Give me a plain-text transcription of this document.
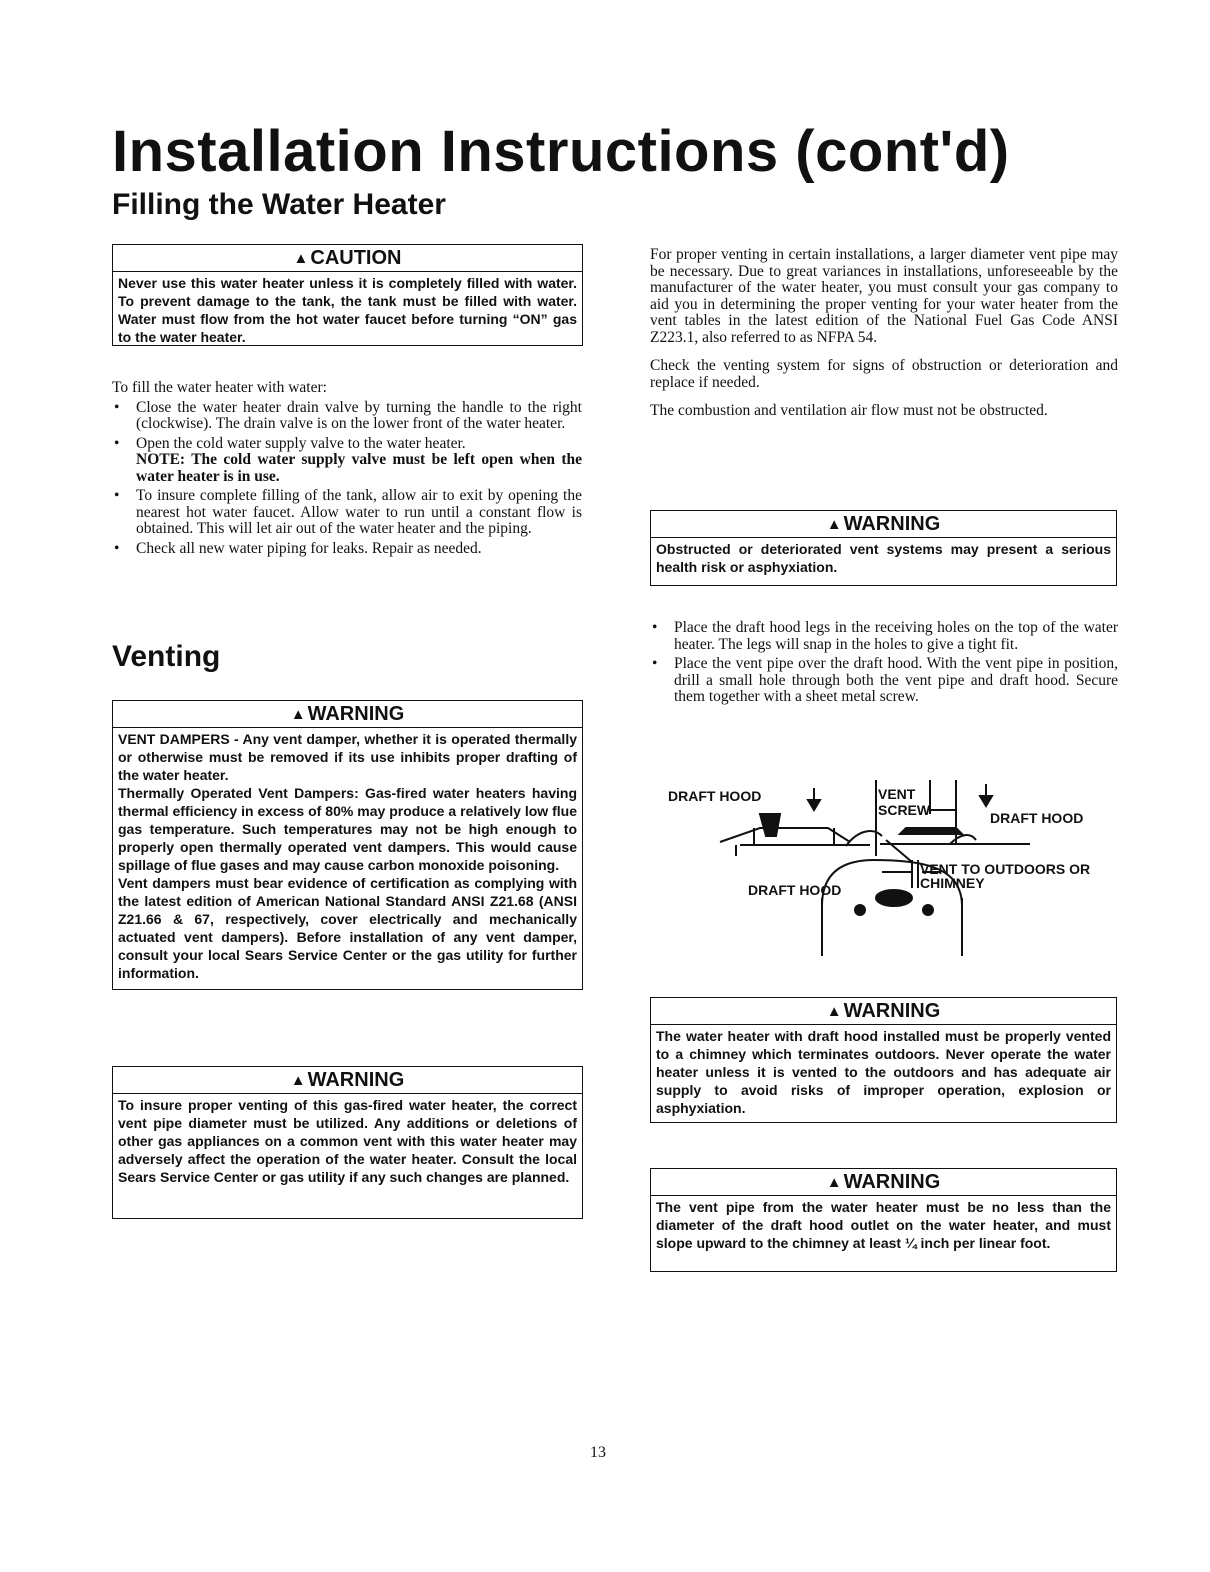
Installation Instructions (cont'd)
Filling the Water Heater
▲ CAUTION

Never use this water heater unless it is completely filled with water. To prevent damage to the tank, the tank must be filled with water. Water must flow from the hot water faucet before turning “ON” gas to the water heater.

To fill the water heater with water:

• Close the water heater drain valve by turning the handle to the right (clockwise). The drain valve is on the lower front of the water heater.
• Open the cold water supply valve to the water heater.
NOTE: The cold water supply valve must be left open when the water heater is in use.
• To insure complete filling of the tank, allow air to exit by opening the nearest hot water faucet. Allow water to run until a constant flow is obtained. This will let air out of the water heater and the piping.
• Check all new water piping for leaks. Repair as needed.
Venting
▲ WARNING

VENT DAMPERS - Any vent damper, whether it is operated thermally or otherwise must be removed if its use inhibits proper drafting of the water heater.

Thermally Operated Vent Dampers: Gas-fired water heaters having thermal efficiency in excess of 80% may produce a relatively low flue gas temperature. Such temperatures may not be high enough to properly open thermally operated vent dampers. This would cause spillage of flue gases and may cause carbon monoxide poisoning.

Vent dampers must bear evidence of certification as complying with the latest edition of American National Standard ANSI Z21.68 (ANSI Z21.66 & 67, respectively, cover electrically and mechanically actuated vent dampers). Before installation of any vent damper, consult your local Sears Service Center or the gas utility for further information.

▲ WARNING

To insure proper venting of this gas-fired water heater, the correct vent pipe diameter must be utilized. Any additions or deletions of other gas appliances on a common vent with this water heater may adversely affect the operation of the water heater. Consult the local Sears Service Center or gas utility if any such changes are planned.

For proper venting in certain installations, a larger diameter vent pipe may be necessary. Due to great variances in installations, unforeseeable by the manufacturer of the water heater, you must consult your gas company to aid you in determining the proper venting for your water heater from the vent tables in the latest edition of the National Fuel Gas Code ANSI Z223.1, also referred to as NFPA 54.

Check the venting system for signs of obstruction or deterioration and replace if needed.

The combustion and ventilation air flow must not be obstructed.

▲ WARNING

Obstructed or deteriorated vent systems may present a serious health risk or asphyxiation.

• Place the draft hood legs in the receiving holes on the top of the water heater. The legs will snap in the holes to give a tight fit.
• Place the vent pipe over the draft hood. With the vent pipe in position, drill a small hole through both the vent pipe and draft hood. Secure them together with a sheet metal screw.
DRAFT HOOD	VENT
SCREW	DRAFT HOOD
VENT TO OUTDOORS OR
CHIMNEY
DRAFT HOOD
▲ WARNING

The water heater with draft hood installed must be properly vented to a chimney which terminates outdoors. Never operate the water heater unless it is vented to the outdoors and has adequate air supply to avoid risks of improper operation, explosion or asphyxiation.

▲ WARNING

The vent pipe from the water heater must be no less than the diameter of the draft hood outlet on the water heater, and must slope upward to the chimney at least ¼ inch per linear foot.

13
